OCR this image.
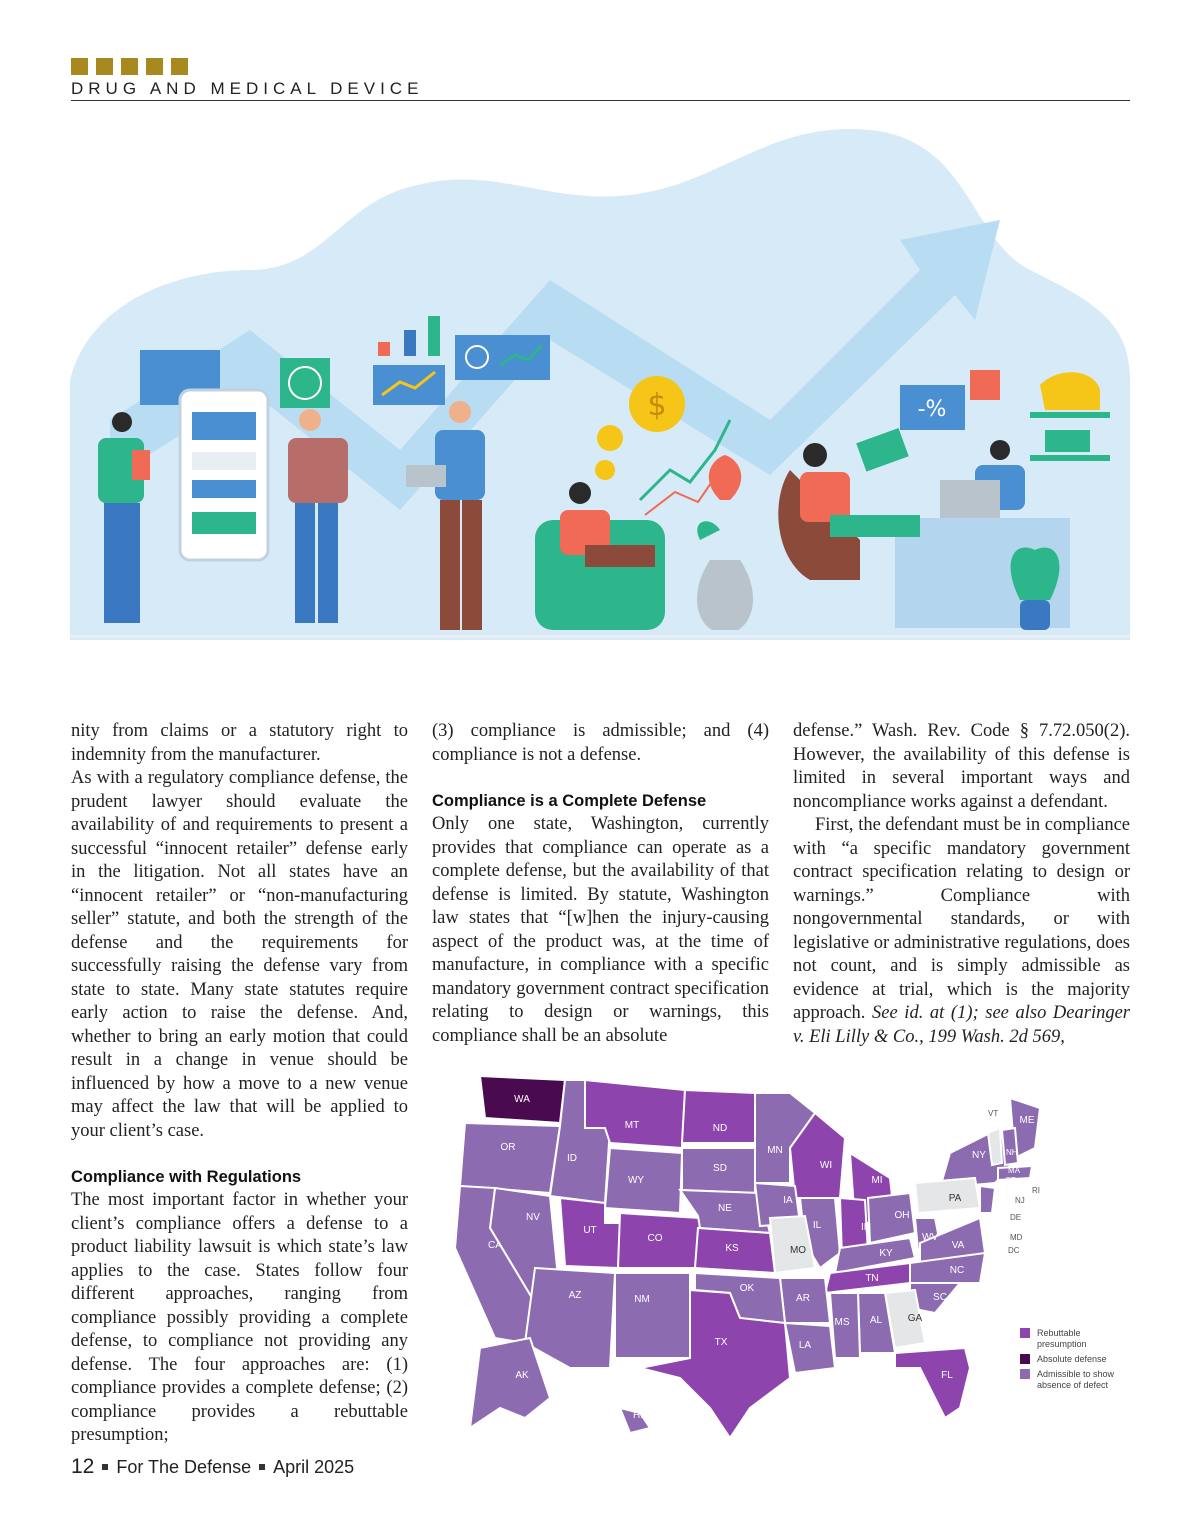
DRUG AND MEDICAL DEVICE
$	-%

nity from claims or a statutory right to indemnity from the manufacturer.

As with a regulatory compliance defense, the prudent lawyer should evaluate the availability of and requirements to present a successful “innocent retailer” defense early in the litigation. Not all states have an “innocent retailer” or “non-manufacturing seller” statute, and both the strength of the defense and the requirements for successfully raising the defense vary from state to state. Many state statutes require early action to raise the defense. And, whether to bring an early motion that could result in a change in venue should be influenced by how a move to a new venue may affect the law that will be applied to your client’s case.

Compliance with Regulations

The most important factor in whether your client’s compliance offers a defense to a product liability lawsuit is which state’s law applies to the case. States follow four different approaches, ranging from compliance possibly providing a complete defense, to compliance not providing any defense. The four approaches are: (1) compliance provides a complete defense; (2) compliance provides a rebuttable presumption;

(3) compliance is admissible; and (4) compliance is not a defense.

Compliance is a Complete Defense

Only one state, Washington, currently provides that compliance can operate as a complete defense, but the availability of that defense is limited. By statute, Washington law states that “[w]hen the injury-causing aspect of the product was, at the time of manufacture, in compliance with a specific mandatory government contract specification relating to design or warnings, this compliance shall be an absolute

defense.” Wash. Rev. Code § 7.72.050(2). However, the availability of this defense is limited in several important ways and noncompliance works against a defendant.

First, the defendant must be in compliance with “a specific mandatory government contract specification relating to design or warnings.” Compliance with nongovernmental standards, or with legislative or administrative regulations, does not count, and is simply admissible as evidence at trial, which is the majority approach. See id. at (1); see also Dearinger v. Eli Lilly & Co., 199 Wash. 2d 569,

WA
OR
ID
MT	ND
MN
WI
MI
NY
ME
SD
WY
NV
CA
UT
CO
NE
IA
IL	IN
OH
PA
KS	MO	KY
WV
VA
NC
TN
SC
GA
AL
MS
AR
OK
AZ	NM
TX	LA
FL
AK
HI
VT
NH
MA
CT
RI
NJ
DE
MD
DC
Rebuttable
presumption
Absolute defense
Admissible to show
absence of defect
12 For The Defense April 2025
